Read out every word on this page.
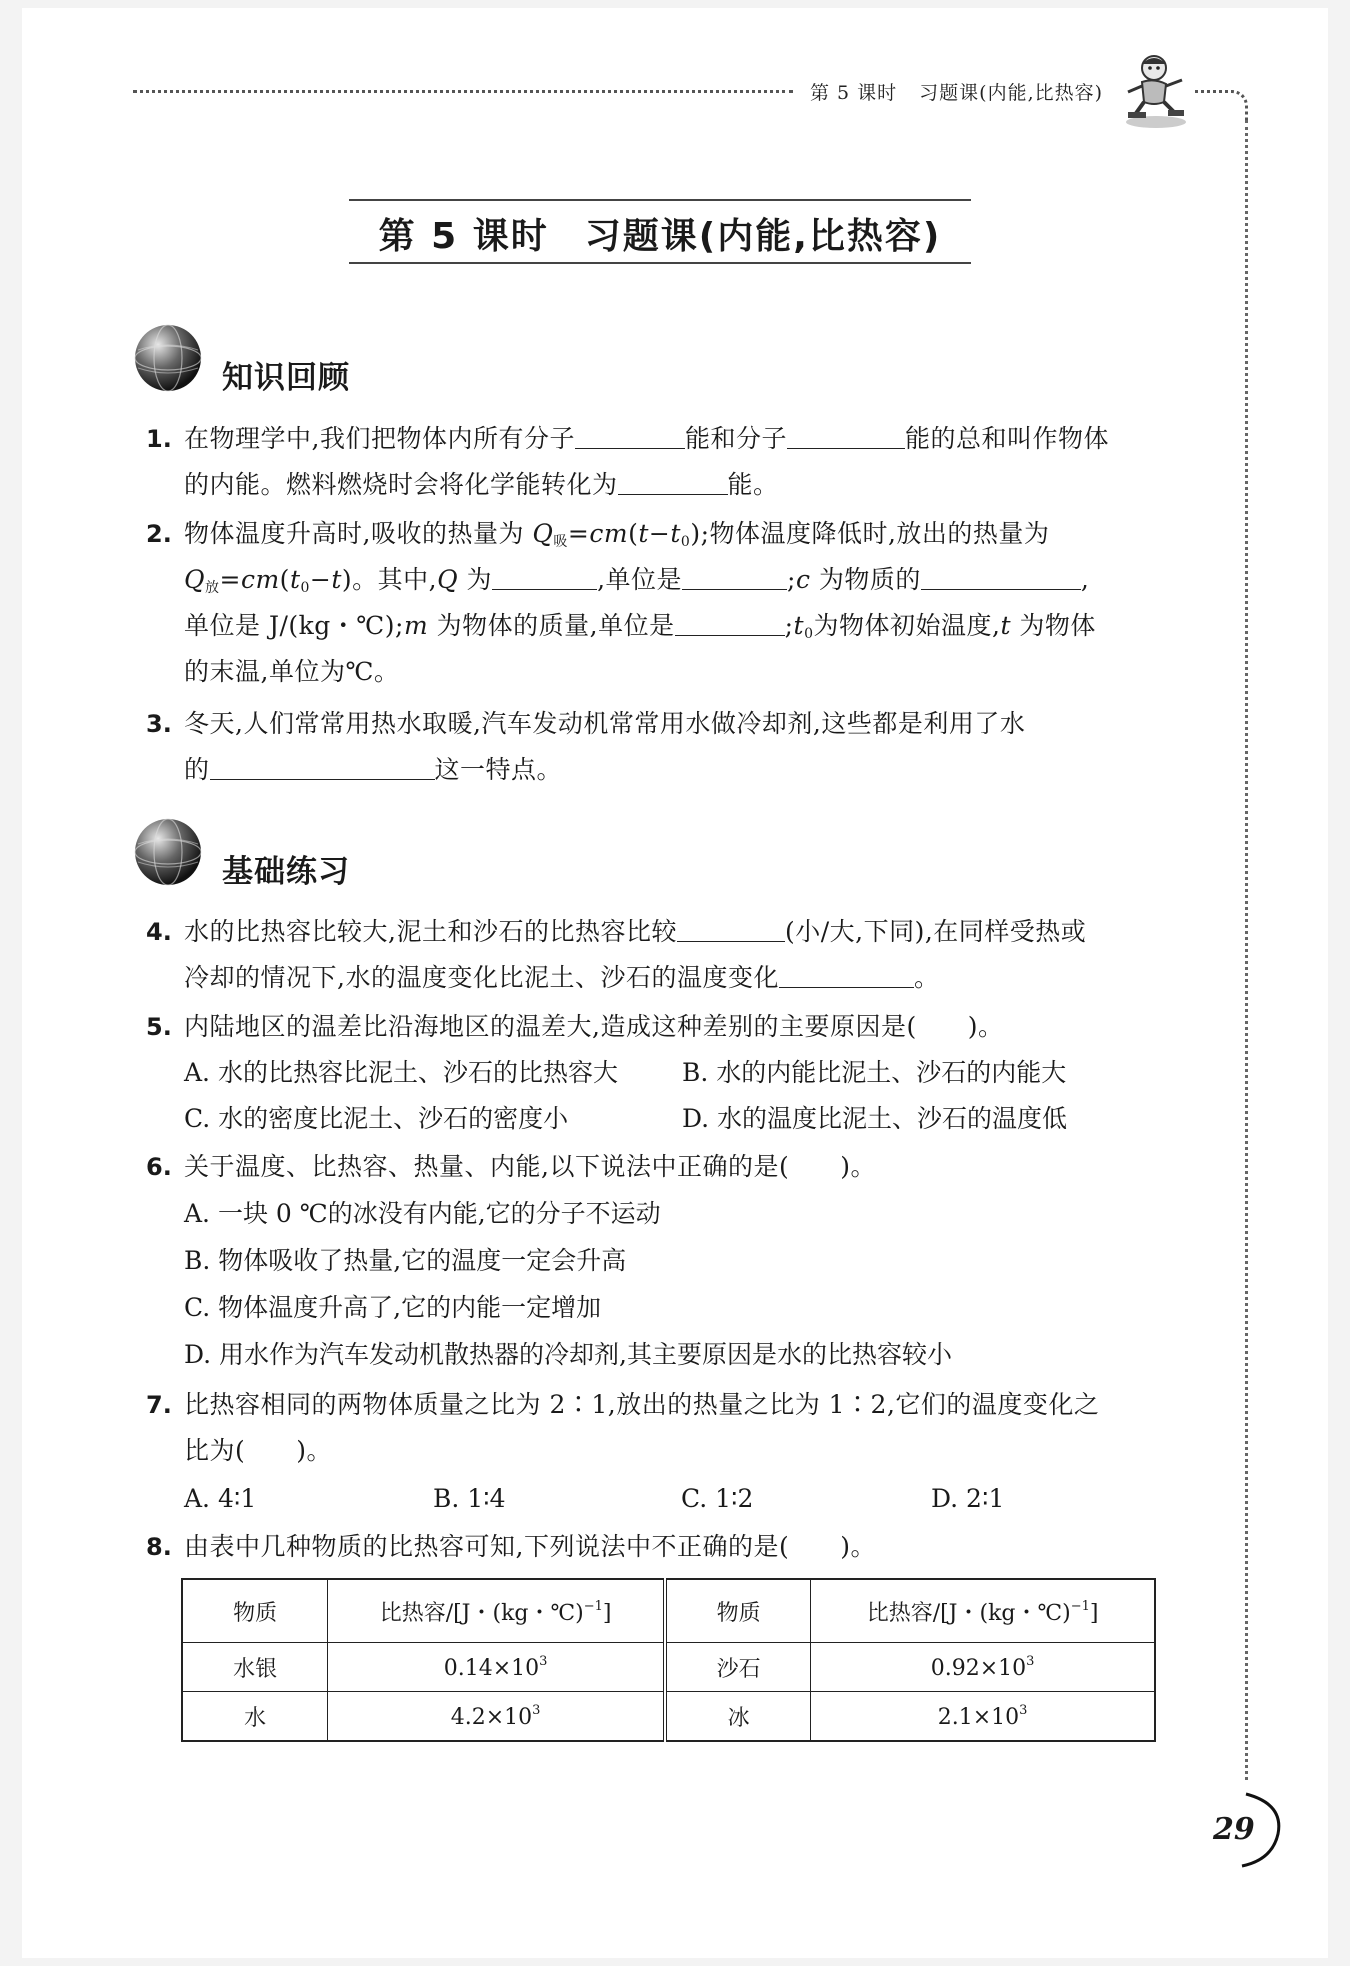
第 5 课时 习题课(内能,比热容)
第 5 课时 习题课(内能,比热容)
知识回顾
1. 在物理学中,我们把物体内所有分子	能和分子	能的总和叫作物体
的内能。燃料燃烧时会将化学能转化为	能。
2. 物体温度升高时,吸收的热量为 $Q_吸=cm(t-t_0)$;物体温度降低时,放出的热量为
$Q_放=cm(t_0-t)$。其中,Q 为	,单位是	;c 为物质的	,
单位是 J/(kg・℃);m 为物体的质量,单位是	$;t_0$为物体初始温度,t 为物体
的末温,单位为℃。
3. 冬天,人们常常用热水取暖,汽车发动机常常用水做冷却剂,这些都是利用了水
的	这一特点。
基础练习
4. 水的比热容比较大,泥土和沙石的比热容比较	(小/大,下同),在同样受热或
冷却的情况下,水的温度变化比泥土、沙石的温度变化	。
5. 内陆地区的温差比沿海地区的温差大,造成这种差别的主要原因是(　　)。
A. 水的比热容比泥土、沙石的比热容大	B. 水的内能比泥土、沙石的内能大
C. 水的密度比泥土、沙石的密度小	D. 水的温度比泥土、沙石的温度低
6. 关于温度、比热容、热量、内能,以下说法中正确的是(　　)。
A. 一块 0 ℃的冰没有内能,它的分子不运动
B. 物体吸收了热量,它的温度一定会升高
C. 物体温度升高了,它的内能一定增加
D. 用水作为汽车发动机散热器的冷却剂,其主要原因是水的比热容较小
7. 比热容相同的两物体质量之比为 2∶1,放出的热量之比为 1∶2,它们的温度变化之
比为(　　)。
A. 4∶1	B. 1∶4	C. 1∶2	D. 2∶1
8. 由表中几种物质的比热容可知,下列说法中不正确的是(　　)。
物质	比热容/[J・(kg・℃)$^{-1}$]	物质	比热容/[J・(kg・℃)$^{-1}$]
水银	$0.14\times 10^3$	沙石	$0.92\times 10^3$
水	$4.2\times 10^3$	冰	$2.1\times 10^3$
29
